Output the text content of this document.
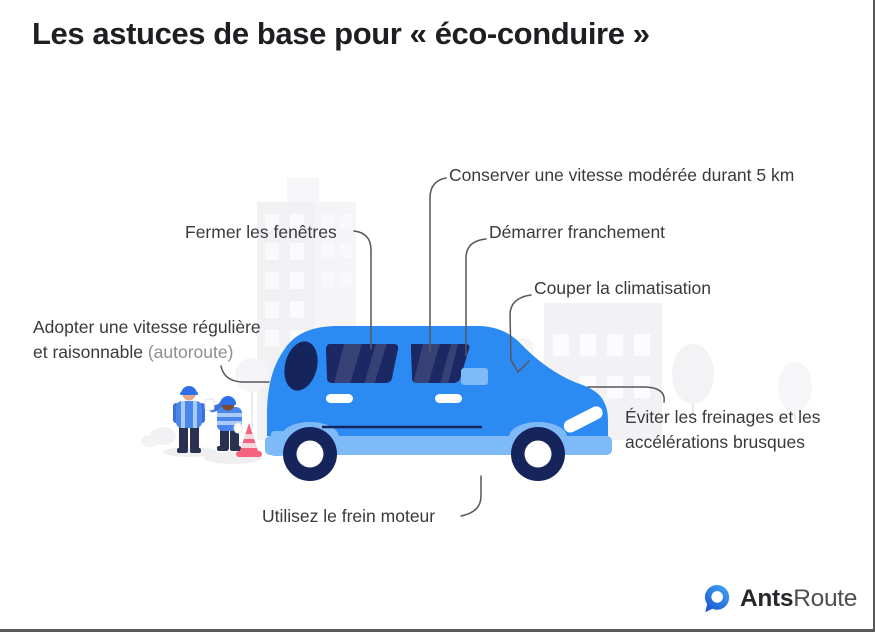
Les astuces de base pour « éco-conduire »
Conserver une vitesse modérée durant 5 km
Fermer les fenêtres	Démarrer franchement
Couper la climatisation
Adopter une vitesse régulière
et raisonnable (autoroute)
Éviter les freinages et les
accélérations brusques
Utilisez le frein moteur
AntsRoute
